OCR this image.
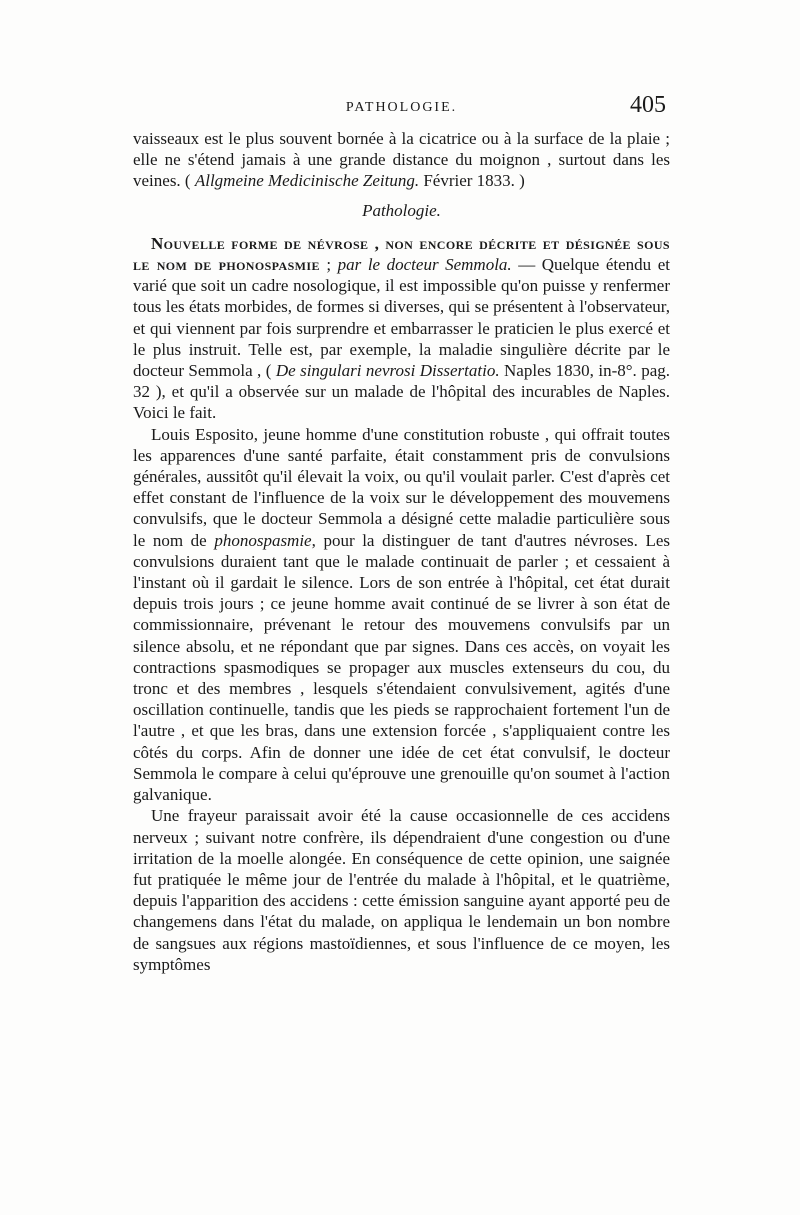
PATHOLOGIE.	405

vaisseaux est le plus souvent bornée à la cicatrice ou à la surface de la plaie ; elle ne s'étend jamais à une grande distance du moignon , surtout dans les veines. ( Allgmeine Medicinische Zeitung. Février 1833. )

Pathologie.

Nouvelle forme de névrose , non encore décrite et désignée sous le nom de phonospasmie ; par le docteur Semmola. — Quelque étendu et varié que soit un cadre nosologique, il est impossible qu'on puisse y renfermer tous les états morbides, de formes si diverses, qui se présentent à l'observateur, et qui viennent par fois surprendre et embarrasser le praticien le plus exercé et le plus instruit. Telle est, par exemple, la maladie singulière décrite par le docteur Semmola , ( De singulari nevrosi Dissertatio. Naples 1830, in-8°. pag. 32 ), et qu'il a observée sur un malade de l'hôpital des incurables de Naples. Voici le fait.

Louis Esposito, jeune homme d'une constitution robuste , qui offrait toutes les apparences d'une santé parfaite, était constamment pris de convulsions générales, aussitôt qu'il élevait la voix, ou qu'il voulait parler. C'est d'après cet effet constant de l'influence de la voix sur le développement des mouvemens convulsifs, que le docteur Semmola a désigné cette maladie particulière sous le nom de phonospasmie, pour la distinguer de tant d'autres névroses. Les convulsions duraient tant que le malade continuait de parler ; et cessaient à l'instant où il gardait le silence. Lors de son entrée à l'hôpital, cet état durait depuis trois jours ; ce jeune homme avait continué de se livrer à son état de commissionnaire, prévenant le retour des mouvemens convulsifs par un silence absolu, et ne répondant que par signes. Dans ces accès, on voyait les contractions spasmodiques se propager aux muscles extenseurs du cou, du tronc et des membres , lesquels s'étendaient convulsivement, agités d'une oscillation continuelle, tandis que les pieds se rapprochaient fortement l'un de l'autre , et que les bras, dans une extension forcée , s'appliquaient contre les côtés du corps. Afin de donner une idée de cet état convulsif, le docteur Semmola le compare à celui qu'éprouve une grenouille qu'on soumet à l'action galvanique.

Une frayeur paraissait avoir été la cause occasionnelle de ces accidens nerveux ; suivant notre confrère, ils dépendraient d'une congestion ou d'une irritation de la moelle alongée. En conséquence de cette opinion, une saignée fut pratiquée le même jour de l'entrée du malade à l'hôpital, et le quatrième, depuis l'apparition des accidens : cette émission sanguine ayant apporté peu de changemens dans l'état du malade, on appliqua le lendemain un bon nombre de sangsues aux régions mastoïdiennes, et sous l'influence de ce moyen, les symptômes
